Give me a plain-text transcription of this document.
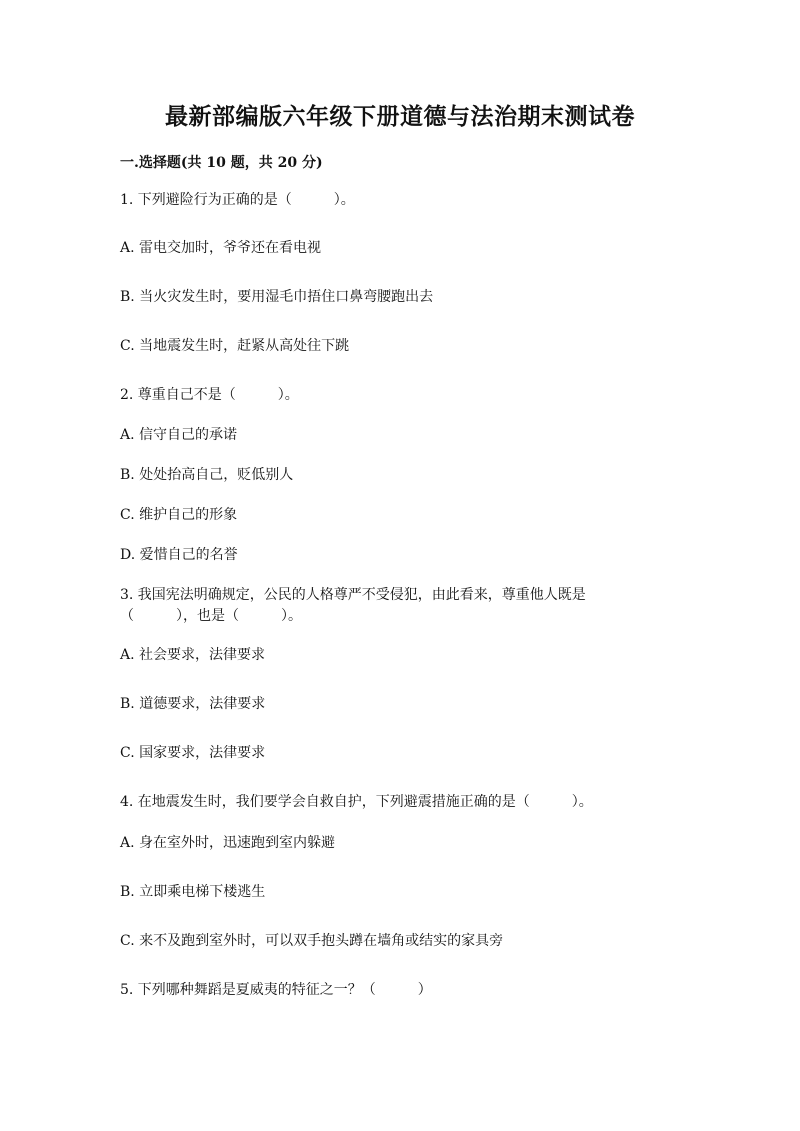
最新部编版六年级下册道德与法治期末测试卷
一.选择题(共 10 题，共 20 分)
1. 下列避险行为正确的是（　　　）。
A. 雷电交加时，爷爷还在看电视
B. 当火灾发生时，要用湿毛巾捂住口鼻弯腰跑出去
C. 当地震发生时，赶紧从高处往下跳
2. 尊重自己不是（　　　）。
A. 信守自己的承诺
B. 处处抬高自己，贬低别人
C. 维护自己的形象
D. 爱惜自己的名誉
3. 我国宪法明确规定，公民的人格尊严不受侵犯，由此看来，尊重他人既是
（　　　），也是（　　　）。
A. 社会要求，法律要求
B. 道德要求，法律要求
C. 国家要求，法律要求
4. 在地震发生时，我们要学会自救自护，下列避震措施正确的是（　　　）。
A. 身在室外时，迅速跑到室内躲避
B. 立即乘电梯下楼逃生
C. 来不及跑到室外时，可以双手抱头蹲在墙角或结实的家具旁
5. 下列哪种舞蹈是夏威夷的特征之一？（　　　）
